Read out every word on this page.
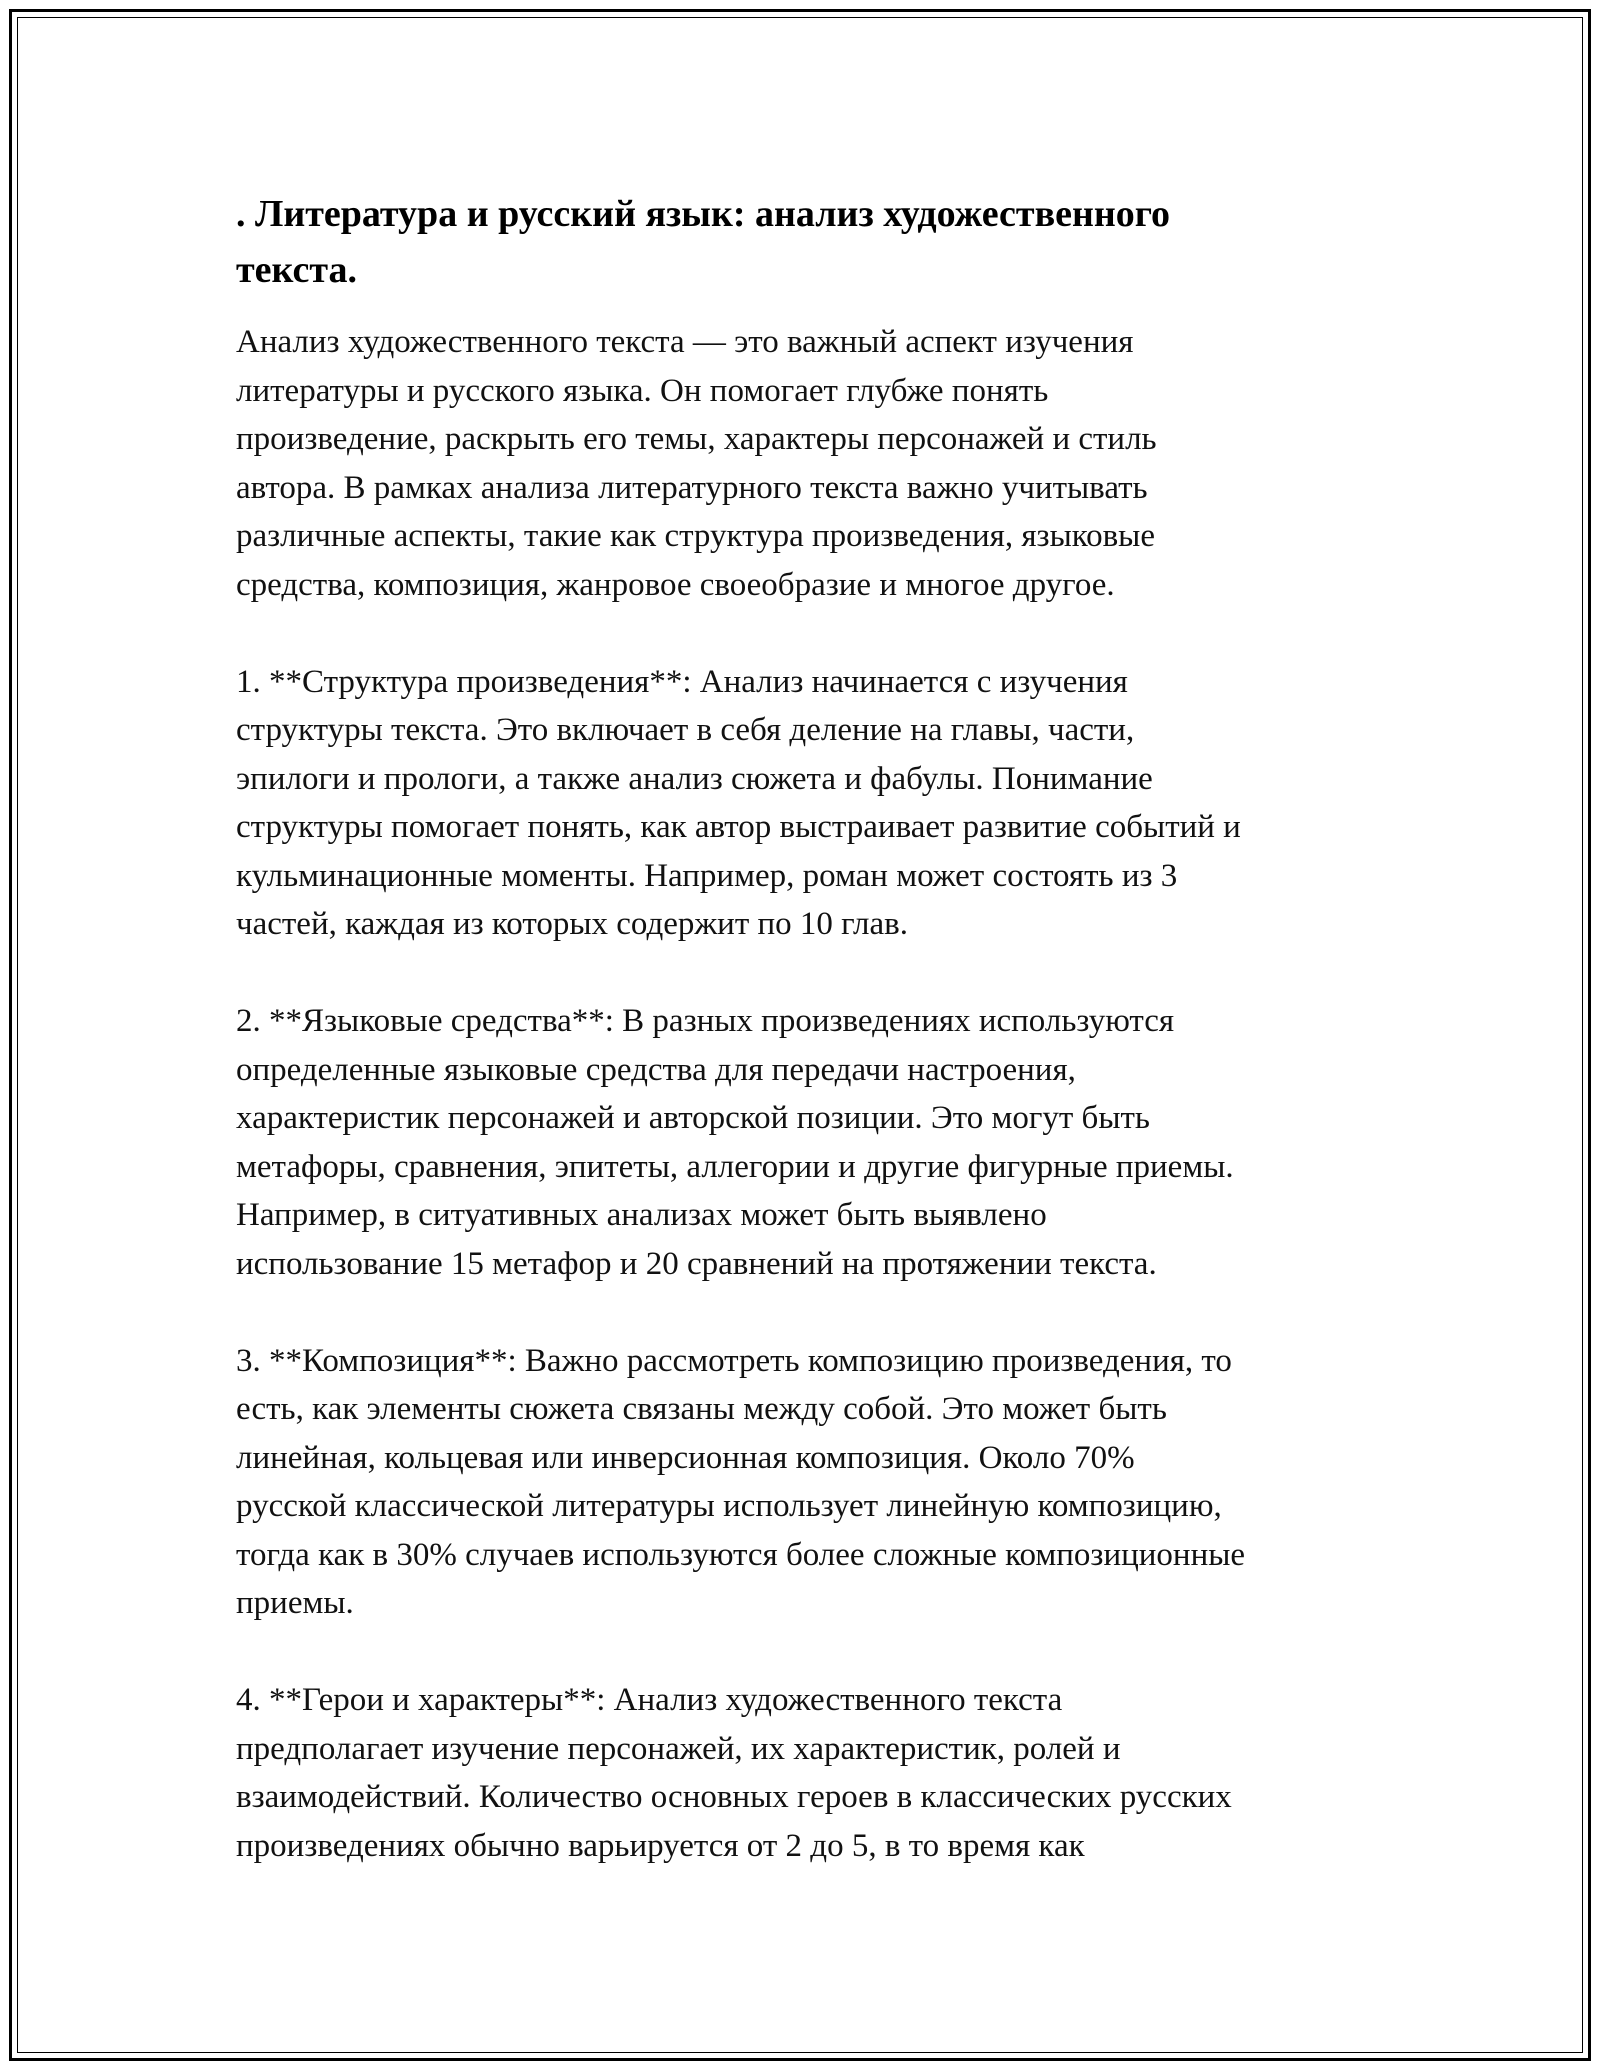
. Литература и русский язык: анализ художественного
текста.

Анализ художественного текста — это важный аспект изучения
литературы и русского языка. Он помогает глубже понять
произведение, раскрыть его темы, характеры персонажей и стиль
автора. В рамках анализа литературного текста важно учитывать
различные аспекты, такие как структура произведения, языковые
средства, композиция, жанровое своеобразие и многое другое.

1. **Структура произведения**: Анализ начинается с изучения
структуры текста. Это включает в себя деление на главы, части,
эпилоги и прологи, а также анализ сюжета и фабулы. Понимание
структуры помогает понять, как автор выстраивает развитие событий и
кульминационные моменты. Например, роман может состоять из 3
частей, каждая из которых содержит по 10 глав.

2. **Языковые средства**: В разных произведениях используются
определенные языковые средства для передачи настроения,
характеристик персонажей и авторской позиции. Это могут быть
метафоры, сравнения, эпитеты, аллегории и другие фигурные приемы.
Например, в ситуативных анализах может быть выявлено
использование 15 метафор и 20 сравнений на протяжении текста.

3. **Композиция**: Важно рассмотреть композицию произведения, то
есть, как элементы сюжета связаны между собой. Это может быть
линейная, кольцевая или инверсионная композиция. Около 70%
русской классической литературы использует линейную композицию,
тогда как в 30% случаев используются более сложные композиционные
приемы.

4. **Герои и характеры**: Анализ художественного текста
предполагает изучение персонажей, их характеристик, ролей и
взаимодействий. Количество основных героев в классических русских
произведениях обычно варьируется от 2 до 5, в то время как
